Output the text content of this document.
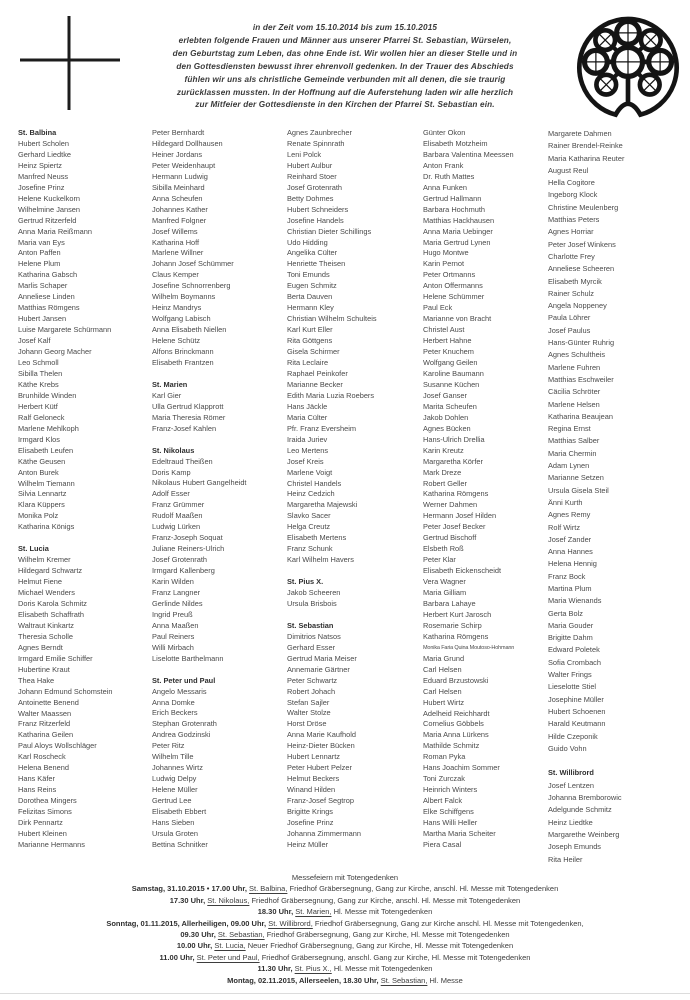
in der Zeit vom 15.10.2014 bis zum 15.10.2015
erlebten folgende Frauen und Männer aus unserer Pfarrei St. Sebastian, Würselen,
den Geburtstag zum Leben, das ohne Ende ist. Wir wollen hier an dieser Stelle und in
den Gottesdiensten bewusst ihrer ehrenvoll gedenken. In der Trauer des Abschieds
fühlen wir uns als christliche Gemeinde verbunden mit all denen, die sie traurig
zurücklassen mussten. In der Hoffnung auf die Auferstehung laden wir alle herzlich
zur Mitfeier der Gottesdienste in den Kirchen der Pfarrei St. Sebastian ein.
St. Balbina
Hubert Scholen
Gerhard Liedtke
Heinz Spiertz
Manfred Neuss
Josefine Prinz
Helene Kuckelkorn
Wilhelmine Jansen
Gertrud Ritzerfeld
Anna Maria Reißmann
Maria van Eys
Anton Paffen
Helene Plum
Katharina Gabsch
Marlis Schaper
Anneliese Linden
Matthias Römgens
Hubert Jansen
Luise Margarete Schürmann
Josef Kalf
Johann Georg Macher
Leo Schmoll
Sibilla Thelen
Käthe Krebs
Brunhilde Winden
Herbert Kütf
Ralf Geloneck
Marlene Mehlkoph
Irmgard Klos
Elisabeth Leufen
Käthe Geusen
Anton Burek
Wilhelm Tiemann
Silvia Lennartz
Klara Küppers
Monika Polz
Katharina Königs
St. Lucia
Wilhelm Kremer
Hildegard Schwartz
Helmut Fiene
Michael Wenders
Doris Karola Schmitz
Elisabeth Schaffrath
Waltraut Kinkartz
Theresia Scholle
Agnes Berndt
Irmgard Emilie Schiffer
Hubertine Kraut
Thea Hake
Johann Edmund Schomstein
Antoinette Benend
Walter Maassen
Franz Ritzerfeld
Katharina Geilen
Paul Aloys Wollschläger
Karl Roscheck
Helena Benend
Hans Käfer
Hans Reins
Dorothea Mingers
Felizitas Simons
Dirk Pennartz
Hubert Kleinen
Marianne Hermanns
Peter Bernhardt
Hildegard Dollhausen
Heiner Jordans
Peter Weidenhaupt
Hermann Ludwig
Sibilla Meinhard
Anna Scheufen
Johannes Kather
Manfred Folgner
Josef Willems
Katharina Hoff
Marlene Willner
Johann Josef Schümmer
Claus Kemper
Josefine Schnorrenberg
Wilhelm Boymanns
Heinz Mandrys
Wolfgang Labisch
Anna Elisabeth Niellen
Helene Schütz
Alfons Brinckmann
Elisabeth Frantzen
St. Marien
Karl Gier
Ulla Gertrud Klapprott
Maria Theresia Römer
Franz-Josef Kahlen
St. Nikolaus
Edeltraud Theißen
Doris Kamp
Nikolaus Hubert Gangelheidt
Adolf Esser
Franz Grümmer
Rudolf Maaßen
Ludwig Lürken
Franz-Joseph Soquat
Juliane Reiners-Ulrich
Josef Grotenrath
Irmgard Kallenberg
Karin Wilden
Franz Langner
Gerlinde Nildes
Ingrid Preuß
Anna Maaßen
Paul Reiners
Willi Mirbach
Liselotte Barthelmann
St. Peter und Paul
Angelo Messaris
Anna Domke
Erich Beckers
Stephan Grotenrath
Andrea Godzinski
Peter Ritz
Wilhelm Tille
Johannes Wirtz
Ludwig Delpy
Helene Müller
Gertrud Lee
Elisabeth Ebbert
Hans Sieben
Ursula Groten
Bettina Schnitker
Agnes Zaunbrecher
Renate Spinnrath
Leni Polck
Hubert Aulbur
Reinhard Stoer
Josef Grotenrath
Betty Dohmes
Hubert Schneiders
Josefine Handels
Christian Dieter Schillings
Udo Hidding
Angelika Cülter
Henriette Theisen
Toni Emunds
Eugen Schmitz
Berta Dauven
Hermann Kley
Christian Wilhelm Schulteis
Karl Kurt Eller
Rita Göttgens
Gisela Schirmer
Rita Leclaire
Raphael Peinkofer
Marianne Becker
Edith Maria Luzia Roebers
Hans Jäckle
Maria Cülter
Pfr. Franz Eversheim
Iraida Juriev
Leo Mertens
Josef Kreis
Marlene Voigt
Christel Handels
Heinz Cedzich
Margaretha Majewski
Slavko Sacer
Helga Creutz
Elisabeth Mertens
Franz Schunk
Karl Wilhelm Havers
St. Pius X.
Jakob Scheeren
Ursula Brisbois
St. Sebastian
Dimitrios Natsos
Gerhard Esser
Gertrud Maria Meiser
Annemarie Gärtner
Peter Schwartz
Robert Johach
Stefan Sajler
Walter Stolze
Horst Dröse
Anna Marie Kaufhold
Heinz-Dieter Bücken
Hubert Lennartz
Peter Hubert Pelzer
Helmut Beckers
Winand Hilden
Franz-Josef Segtrop
Brigitte Krings
Josefine Prinz
Johanna Zimmermann
Heinz Müller
Günter Okon
Elisabeth Motzheim
Barbara Valentina Meessen
Anton Frank
Dr. Ruth Mattes
Anna Funken
Gertrud Hallmann
Barbara Hochmuth
Matthias Hackhausen
Anna Maria Uebinger
Maria Gertrud Lynen
Hugo Montwe
Karin Pernot
Peter Ortmanns
Anton Offermanns
Helene Schümmer
Paul Eck
Marianne von Bracht
Christel Aust
Herbert Hahne
Peter Knuchem
Wolfgang Geilen
Karoline Baumann
Susanne Küchen
Josef Ganser
Marita Scheufen
Jakob Dohlen
Agnes Bücken
Hans-Ulrich Drellia
Karin Kreutz
Margaretha Körfer
Mark Dreze
Robert Geller
Katharina Römgens
Werner Dahmen
Hermann Josef Hilden
Peter Josef Becker
Gertrud Bischoff
Elsbeth Roß
Peter Klar
Elisabeth Eickenscheidt
Vera Wagner
Maria Gilliam
Barbara Lahaye
Herbert Kurt Jarosch
Rosemarie Schirp
Katharina Römgens
Monika Faria Quina Moutoso-Hohmann
Maria Grund
Carl Helsen
Eduard Brzustowski
Carl Helsen
Hubert Wirtz
Adelheid Reichhardt
Cornelius Göbbels
Maria Anna Lürkens
Mathilde Schmitz
Roman Pyka
Hans Joachim Sommer
Toni Zurczak
Heinrich Winters
Albert Falck
Elke Schiffgens
Hans Willi Heller
Martha Maria Scheiter
Piera Casal
Margarete Dahmen
Rainer Brendel-Reinke
Maria Katharina Reuter
August Reul
Hella Cogitore
Ingeborg Klock
Christine Meulenberg
Matthias Peters
Agnes Horriar
Peter Josef Winkens
Charlotte Frey
Anneliese Scheeren
Elisabeth Myrcik
Rainer Schulz
Angela Noppeney
Paula Löhrer
Josef Paulus
Hans-Günter Ruhrig
Agnes Schultheis
Marlene Fuhren
Matthias Eschweiler
Cäcilia Schröter
Marlene Helsen
Katharina Beaujean
Regina Ernst
Matthias Salber
Maria Chermin
Adam Lynen
Marianne Setzen
Ursula Gisela Steil
Änni Kurth
Agnes Remy
Rolf Wirtz
Josef Zander
Anna Hannes
Helena Hennig
Franz Bock
Martina Plum
Maria Wienands
Gerta Bolz
Maria Gouder
Brigitte Dahm
Edward Poletek
Sofia Crombach
Walter Frings
Lieselotte Stiel
Josephine Müller
Hubert Schoenen
Harald Keutmann
Hilde Czeponik
Guido Vohn
St. Willibrord
Josef Lentzen
Johanna Bremborowic
Adelgunde Schmitz
Heinz Liedtke
Margarethe Weinberg
Joseph Emunds
Rita Heiler
Messefeiern mit Totengedenken
Samstag, 31.10.2015 • 17.00 Uhr, St. Balbina, Friedhof Gräbersegnung, Gang zur Kirche, anschl. Hl. Messe mit Totengedenken
17.30 Uhr, St. Nikolaus, Friedhof Gräbersegnung, Gang zur Kirche, anschl. Hl. Messe mit Totengedenken
18.30 Uhr, St. Marien, Hl. Messe mit Totengedenken
Sonntag, 01.11.2015, Allerheiligen, 09.00 Uhr, St. Willibrord, Friedhof Gräbersegnung, Gang zur Kirche anschl. Hl. Messe mit Totengedenken,
09.30 Uhr, St. Sebastian, Friedhof Gräbersegnung, Gang zur Kirche, Hl. Messe mit Totengedenken
10.00 Uhr, St. Lucia, Neuer Friedhof Gräbersegnung, Gang zur Kirche, Hl. Messe mit Totengedenken
11.00 Uhr, St. Peter und Paul, Friedhof Gräbersegnung, anschl. Gang zur Kirche, Hl. Messe mit Totengedenken
11.30 Uhr, St. Pius X., Hl. Messe mit Totengedenken
Montag, 02.11.2015, Allerseelen, 18.30 Uhr, St. Sebastian, Hl. Messe
